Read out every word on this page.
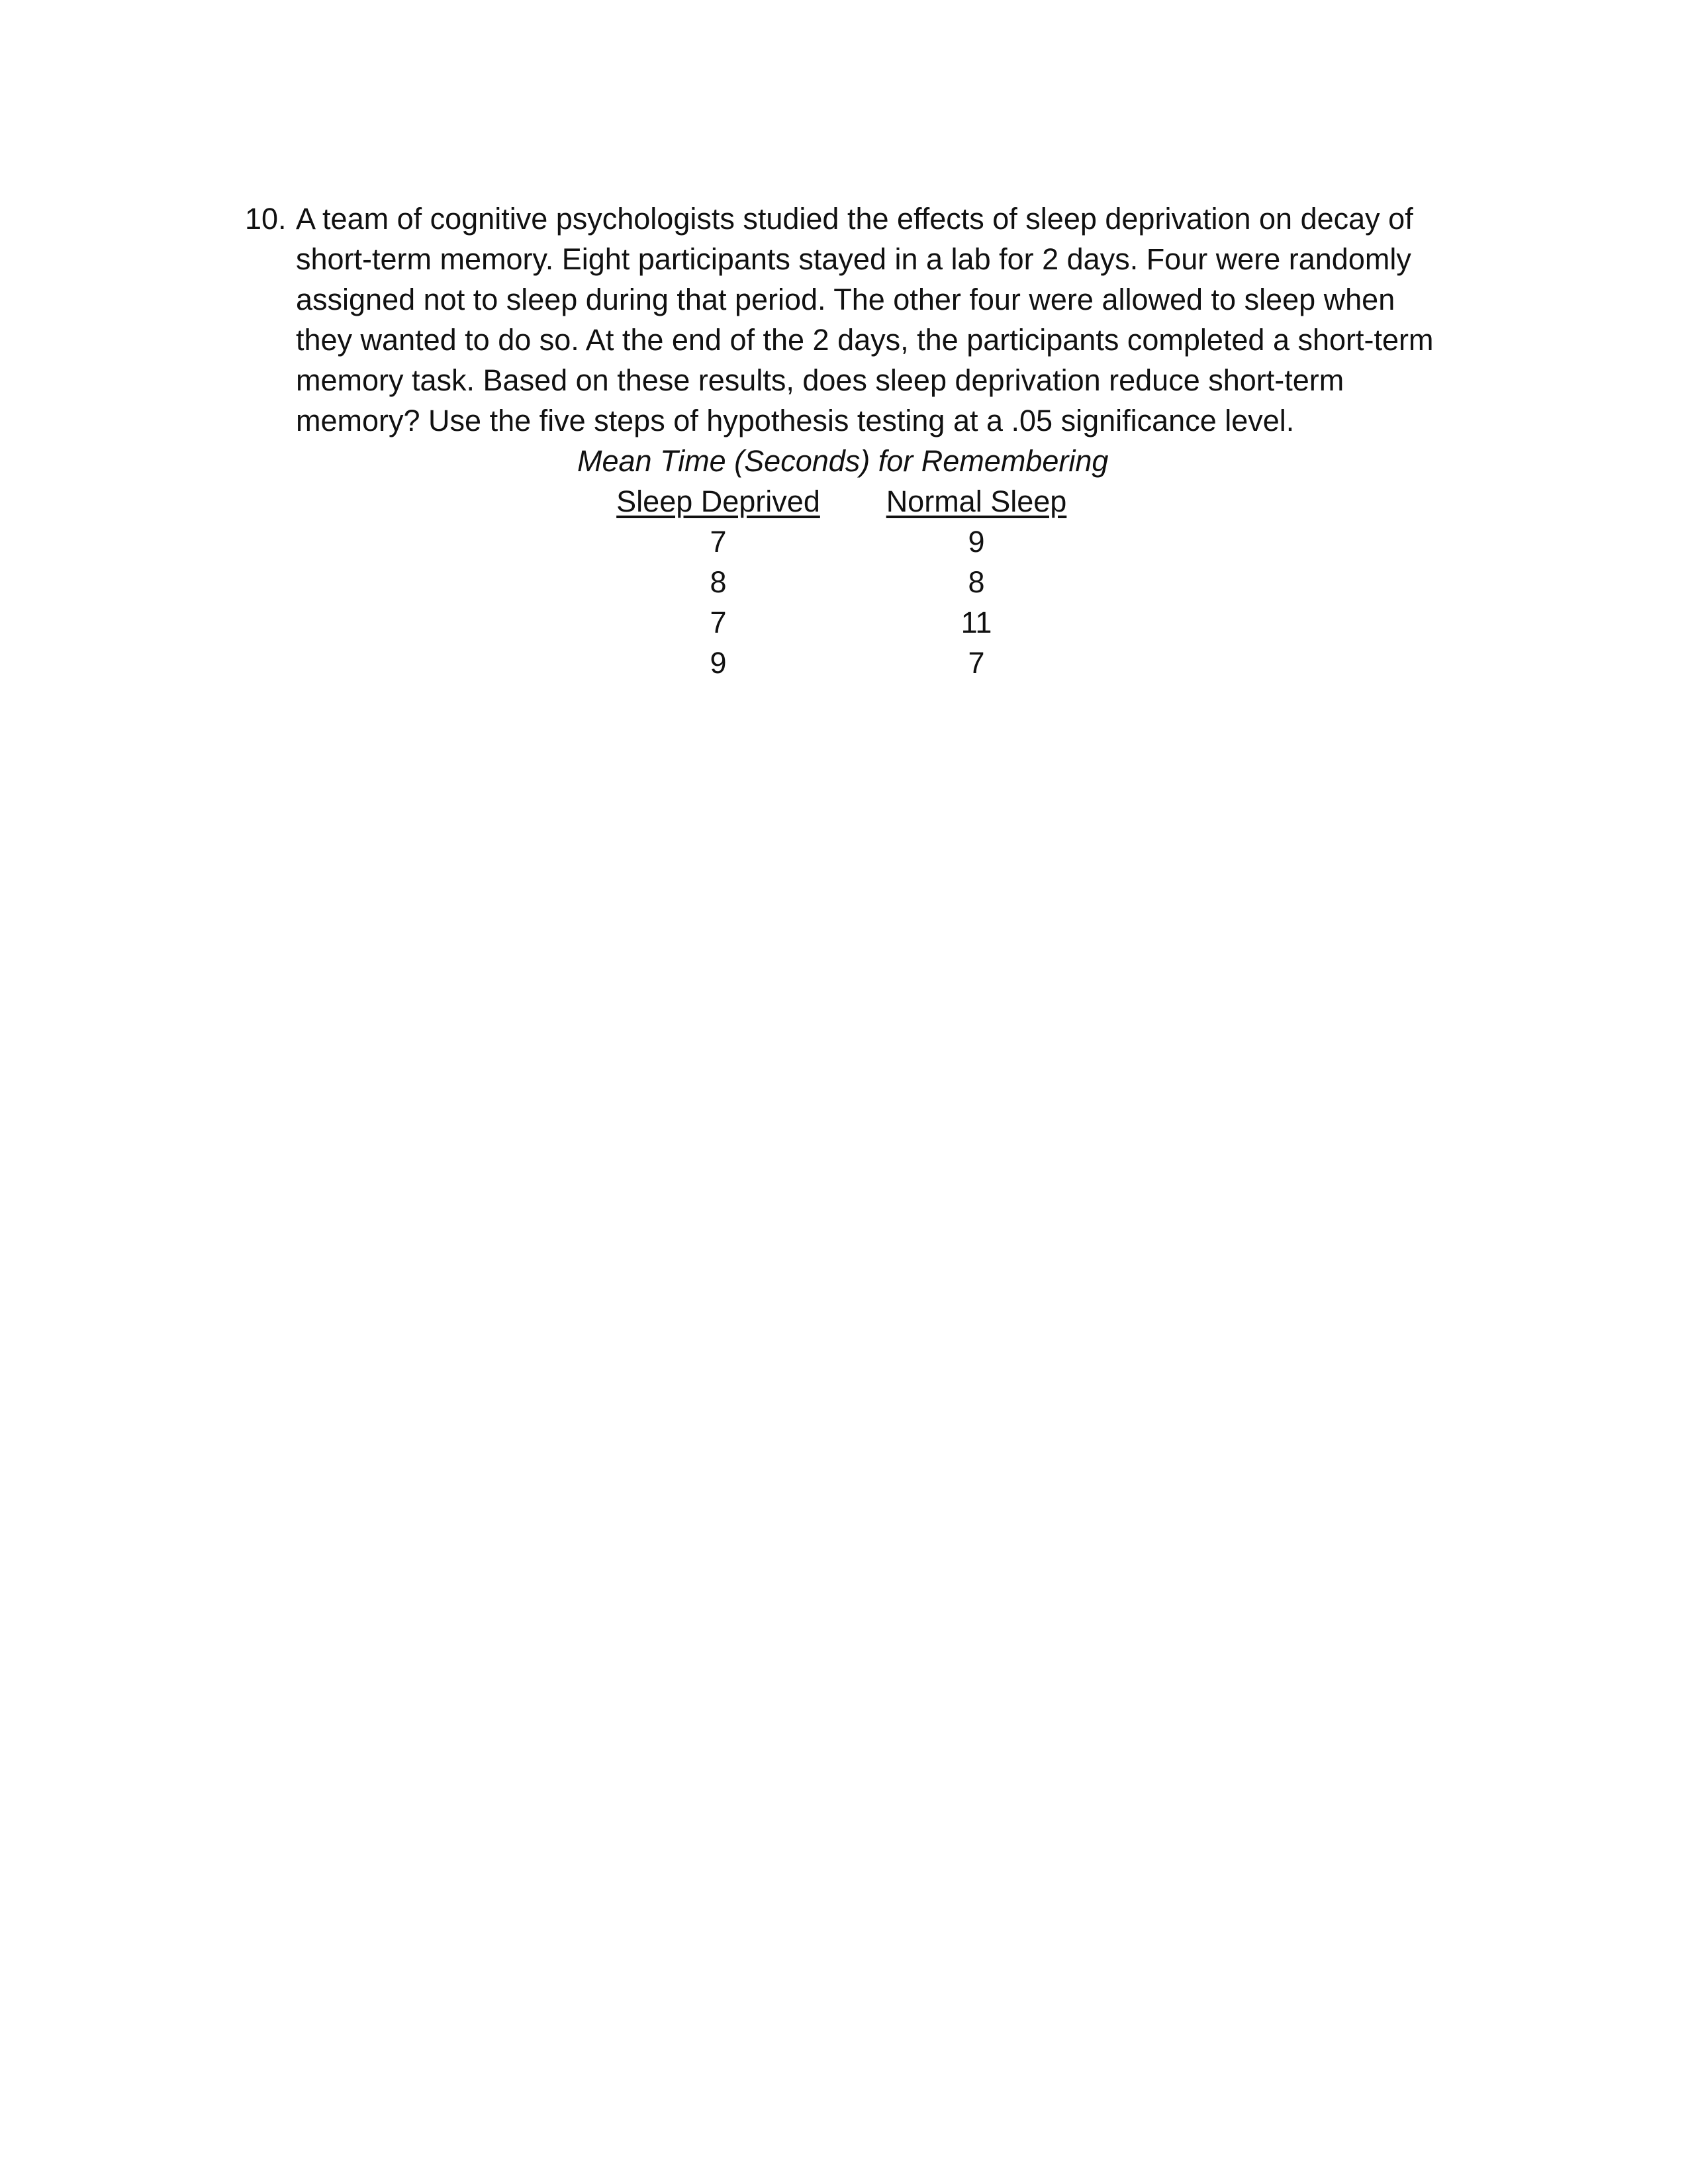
10. A team of cognitive psychologists studied the effects of sleep deprivation on decay of
short-term memory. Eight participants stayed in a lab for 2 days. Four were randomly
assigned not to sleep during that period. The other four were allowed to sleep when
they wanted to do so. At the end of the 2 days, the participants completed a short-term
memory task. Based on these results, does sleep deprivation reduce short-term
memory? Use the five steps of hypothesis testing at a .05 significance level.
Mean Time (Seconds) for Remembering
Sleep Deprived
7
8
7
9
Normal Sleep
9
8
11
7
